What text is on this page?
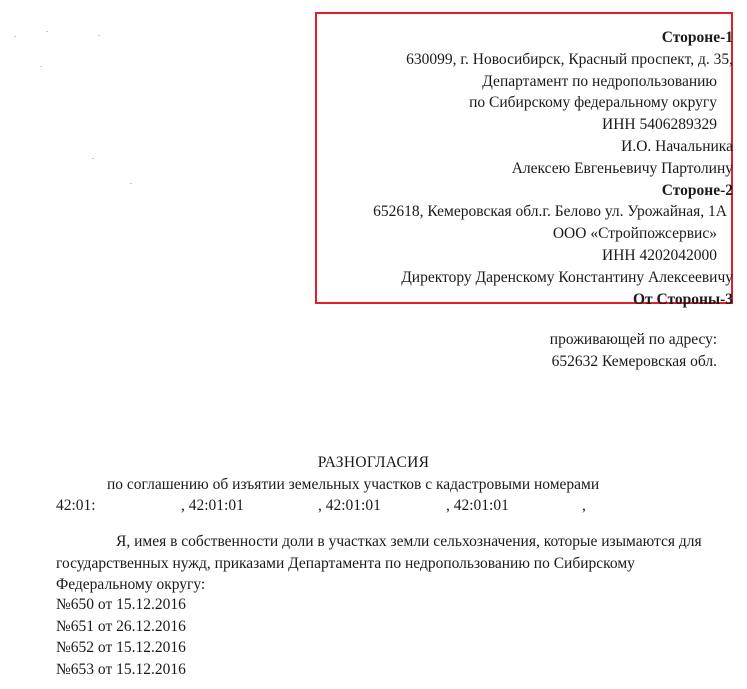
Стороне-1
630099, г. Новосибирск, Красный проспект, д. 35,
Департамент по недропользованию
по Сибирскому федеральному округу
ИНН 5406289329
И.О. Начальника
Алексею Евгеньевичу Партолину
Стороне-2
652618, Кемеровская обл.г. Белово ул. Урожайная, 1А
ООО «Стройпожсервис»
ИНН 4202042000
Директору Даренскому Константину Алексеевичу
От Стороны-3
проживающей по адресу:
652632 Кемеровская обл.
РАЗНОГЛАСИЯ
по соглашению об изъятии земельных участков с кадастровыми номерами
42:01:	, 42:01:01	, 42:01:01	, 42:01:01	,

Я, имея в собственности доли в участках земли сельхозначения, которые изымаются для государственных нужд, приказами Департамента по недропользованию по Сибирскому Федеральному округу:

№650 от 15.12.2016
№651 от 26.12.2016
№652 от 15.12.2016
№653 от 15.12.2016
